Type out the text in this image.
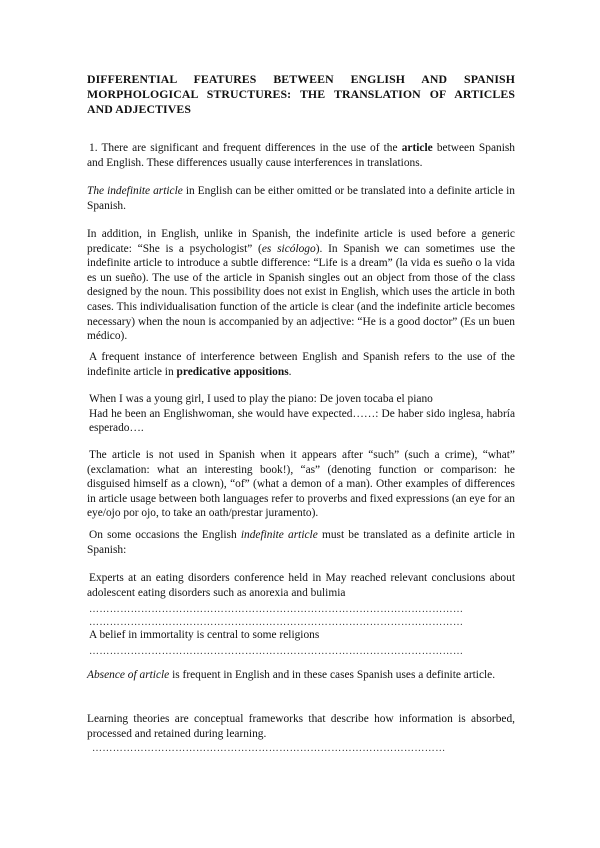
DIFFERENTIAL FEATURES BETWEEN ENGLISH AND SPANISH
MORPHOLOGICAL STRUCTURES: THE TRANSLATION OF ARTICLES
AND ADJECTIVES

1. There are significant and frequent differences in the use of the article between Spanish and English. These differences usually cause interferences in translations.

The indefinite article in English can be either omitted or be translated into a definite article in Spanish.

In addition, in English, unlike in Spanish, the indefinite article is used before a generic predicate: “She is a psychologist” (es sicólogo). In Spanish we can sometimes use the indefinite article to introduce a subtle difference: “Life is a dream” (la vida es sueño o la vida es un sueño). The use of the article in Spanish singles out an object from those of the class designed by the noun. This possibility does not exist in English, which uses the article in both cases. This individualisation function of the article is clear (and the indefinite article becomes necessary) when the noun is accompanied by an adjective: “He is a good doctor” (Es un buen médico).

A frequent instance of interference between English and Spanish refers to the use of the indefinite article in predicative appositions.

When I was a young girl, I used to play the piano: De joven tocaba el piano
Had he been an Englishwoman, she would have expected……: De haber sido inglesa, habría esperado….

The article is not used in Spanish when it appears after “such” (such a crime), “what” (exclamation: what an interesting book!), “as” (denoting function or comparison: he disguised himself as a clown), “of” (what a demon of a man). Other examples of differences in article usage between both languages refer to proverbs and fixed expressions (an eye for an eye/ojo por ojo, to take an oath/prestar juramento).

On some occasions the English indefinite article must be translated as a definite article in Spanish:

Experts at an eating disorders conference held in May reached relevant conclusions about adolescent eating disorders such as anorexia and bulimia

………………………………………………………………………………………………
………………………………………………………………………………………………

A belief in immortality is central to some religions

………………………………………………………………………………………………

Absence of article is frequent in English and in these cases Spanish uses a definite article.

Learning theories are conceptual frameworks that describe how information is absorbed, processed and retained during learning.

…………………………………………………………………………………………
